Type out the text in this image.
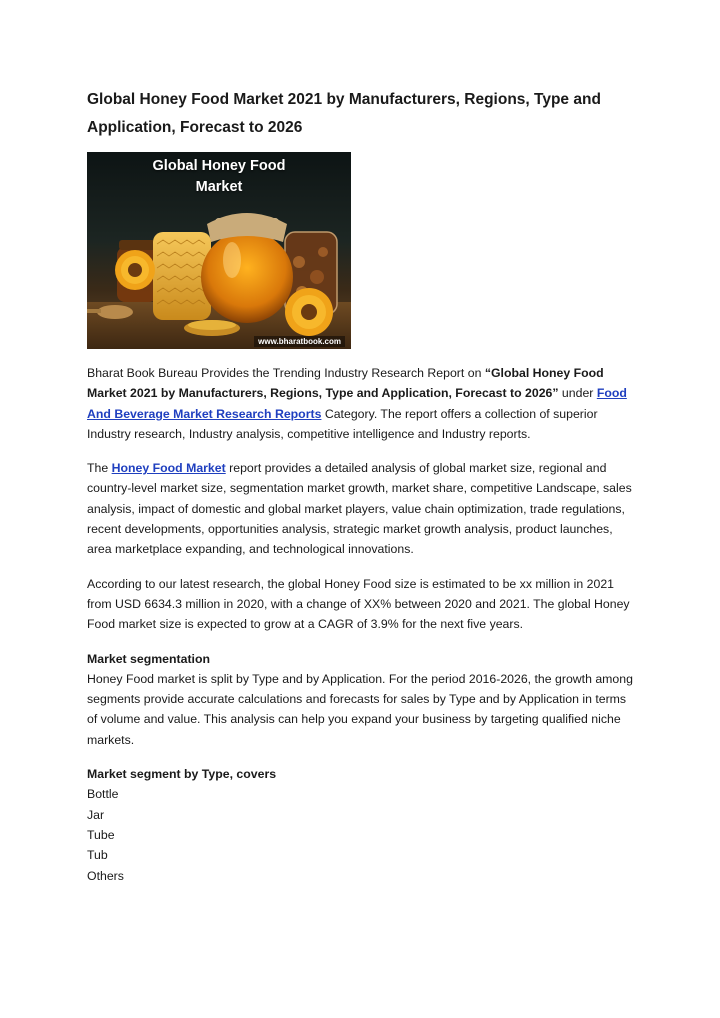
Global Honey Food Market 2021 by Manufacturers, Regions, Type and Application, Forecast to 2026
Global Honey Food
Market
www.bharatbook.com

Bharat Book Bureau Provides the Trending Industry Research Report on “Global Honey Food Market 2021 by Manufacturers, Regions, Type and Application, Forecast to 2026” under Food And Beverage Market Research Reports Category. The report offers a collection of superior Industry research, Industry analysis, competitive intelligence and Industry reports.

The Honey Food Market report provides a detailed analysis of global market size, regional and country-level market size, segmentation market growth, market share, competitive Landscape, sales analysis, impact of domestic and global market players, value chain optimization, trade regulations, recent developments, opportunities analysis, strategic market growth analysis, product launches, area marketplace expanding, and technological innovations.

According to our latest research, the global Honey Food size is estimated to be xx million in 2021 from USD 6634.3 million in 2020, with a change of XX% between 2020 and 2021. The global Honey Food market size is expected to grow at a CAGR of 3.9% for the next five years.

Market segmentation
Honey Food market is split by Type and by Application. For the period 2016-2026, the growth among segments provide accurate calculations and forecasts for sales by Type and by Application in terms of volume and value. This analysis can help you expand your business by targeting qualified niche markets.
Market segment by Type, covers
Bottle
Jar
Tube
Tub
Others
